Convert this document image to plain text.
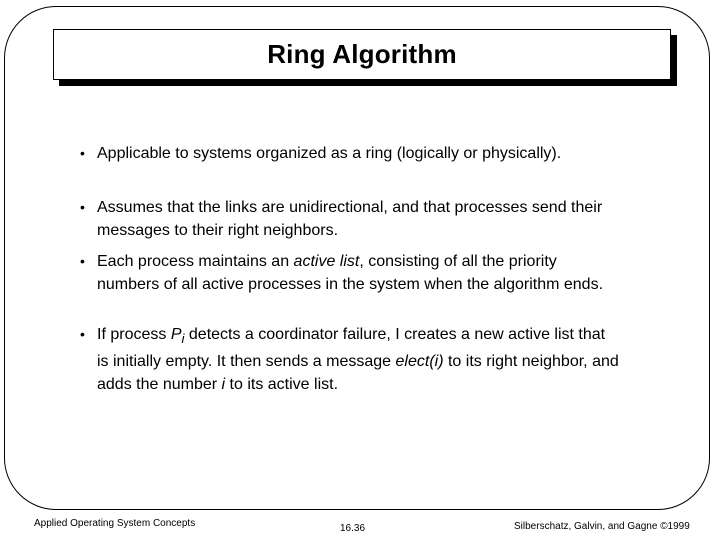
Ring Algorithm
• Applicable to systems organized as a ring (logically or physically).
• Assumes that the links are unidirectional, and that processes send their messages to their right neighbors.
• Each process maintains an active list, consisting of all the priority numbers of all active processes in the system when the algorithm ends.
• If process $P_i$ detects a coordinator failure, I creates a new active list that is initially empty. It then sends a message elect(i) to its right neighbor, and adds the number i to its active list.
Applied Operating System Concepts	16.36	Silberschatz, Galvin, and Gagne ©1999
